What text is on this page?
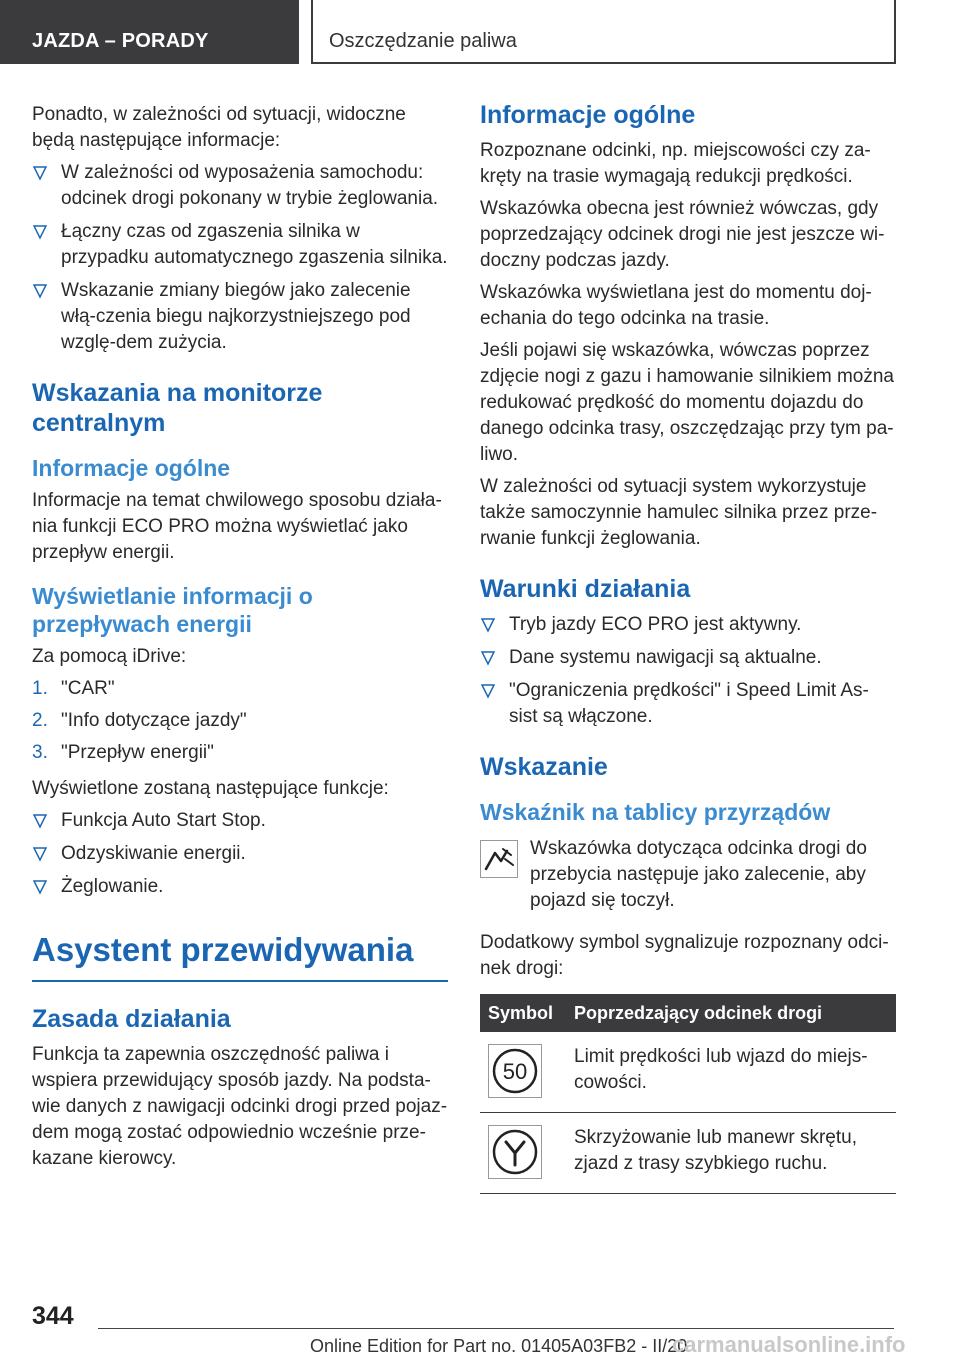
JAZDA – PORADY	Oszczędzanie paliwa

Ponadto, w zależności od sytuacji, widoczne będą następujące informacje:

W zależności od wyposażenia samochodu: odcinek drogi pokonany w trybie żeglowania.
Łączny czas od zgaszenia silnika w przypadku automatycznego zgaszenia silnika.
Wskazanie zmiany biegów jako zalecenie włą‐czenia biegu najkorzystniejszego pod wzglę‐dem zużycia.
Wskazania na monitorze centralnym
Informacje ogólne

Informacje na temat chwilowego sposobu działa‐nia funkcji ECO PRO można wyświetlać jako przepływ energii.

Wyświetlanie informacji o przepływach energii

Za pomocą iDrive:

1. "CAR"
2. "Info dotyczące jazdy"
3. "Przepływ energii"

Wyświetlone zostaną następujące funkcje:

Funkcja Auto Start Stop.
Odzyskiwanie energii.
Żeglowanie.
Asystent przewidywania
Zasada działania

Funkcja ta zapewnia oszczędność paliwa i wspiera przewidujący sposób jazdy. Na podsta‐wie danych z nawigacji odcinki drogi przed pojaz‐dem mogą zostać odpowiednio wcześnie prze‐kazane kierowcy.

Informacje ogólne

Rozpoznane odcinki, np. miejscowości czy za‐kręty na trasie wymagają redukcji prędkości.

Wskazówka obecna jest również wówczas, gdy poprzedzający odcinek drogi nie jest jeszcze wi‐doczny podczas jazdy.

Wskazówka wyświetlana jest do momentu doj‐echania do tego odcinka na trasie.

Jeśli pojawi się wskazówka, wówczas poprzez zdjęcie nogi z gazu i hamowanie silnikiem można redukować prędkość do momentu dojazdu do danego odcinka trasy, oszczędzając przy tym pa‐liwo.

W zależności od sytuacji system wykorzystuje także samoczynnie hamulec silnika przez prze‐rwanie funkcji żeglowania.

Warunki działania
Tryb jazdy ECO PRO jest aktywny.
Dane systemu nawigacji są aktualne.
"Ograniczenia prędkości" i Speed Limit As‐sist są włączone.
Wskazanie
Wskaźnik na tablicy przyrządów
Wskazówka dotycząca odcinka drogi do przebycia następuje jako zalecenie, aby pojazd się toczył.

Dodatkowy symbol sygnalizuje rozpoznany odci‐nek drogi:

Symbol	Poprzedzający odcinek drogi

50	Limit prędkości lub wjazd do miejs‐cowości.

	Skrzyżowanie lub manewr skrętu, zjazd z trasy szybkiego ruchu.
344
Online Edition for Part no. 01405A03FB2 - II/20
carmanualsonline.info
